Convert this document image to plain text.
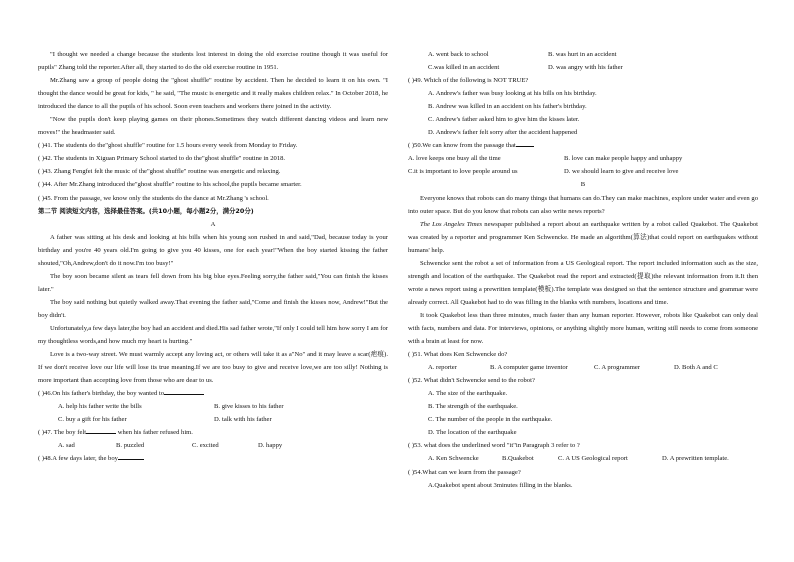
"I thought we needed a change because the students lost interest in doing the old exercise routine though it was useful for pupils" Zhang told the reporter.After all, they started to do the old exercise routine in 1951.

Mr.Zhang saw a group of people doing the "ghost shuffle" routine by accident. Then he decided to learn it on his own. "I thought the dance would be great for kids, " he said, "The music is energetic and it really makes children relax." In October 2018, he introduced the dance to all the pupils of his school. Soon even teachers and workers there joined in the activity.

"Now the pupils don't keep playing games on their phones.Sometimes they watch different dancing videos and learn new moves!" the headmaster said.

( )41. The students do the"ghost shuffle" routine for 1.5 hours every week from Monday to Friday.
( )42. The students in Xiguan Primary School started to do the"ghost shuffle" routine in 2018.
( )43. Zhang Fengfei felt the music of the"ghost shuffle" routine was energetic and relaxing.
( )44. After Mr.Zhang introduced the"ghost shuffle" routine to his school,the pupils became smarter.
( )45. From the passage, we know only the students do the dance at Mr.Zhang 's school.
第二节 阅读短文内容，选择最佳答案。(共10小题，每小题2分，满分20分)
A

A father was sitting at his desk and looking at his bills when his young son rushed in and said,"Dad, because today is your birthday and you're 40 years old.I'm going to give you 40 kisses, one for each year!"When the boy started kissing the father shouted,"Oh,Andrew,don't do it now.I'm too busy!"

The boy soon became silent as tears fell down from his big blue eyes.Feeling sorry,the father said,"You can finish the kisses later."

The boy said nothing but quietly walked away.That evening the father said,"Come and finish the kisses now, Andrew!"But the boy didn't.

Unfortunately,a few days later,the boy had an accident and died.His sad father wrote,"If only I could tell him how sorry I am for my thoughtless words,and how much my heart is hurting."

Love is a two-way street. We must warmly accept any loving act, or others will take it as a"No" and it may leave a scar(疤痕). If we don't receive love our life will lose its true meaning.If we are too busy to give and receive love,we are too silly! Nothing is more important than accepting love from those who are dear to us.

( )46.On his father's birthday, the boy wanted to
A. help his father write the bills	B. give kisses to his father
C. buy a gift for his father	D. talk with his father
( )47. The boy felt	when his father refused him.
A. sad	B. puzzled	C. excited	D. happy
( )48.A few days later, the boy
A. went back to school	B. was hurt in an accident
C.was killed in an accident	D. was angry with his father
( )49. Which of the following is NOT TRUE?
A. Andrew's father was busy looking at his bills on his birthday.
B. Andrew was killed in an accident on his father's birthday.
C. Andrew's father asked him to give him the kisses later.
D. Andrew's father felt sorry after the accident happened
( )50.We can know from the passage that
A. love keeps one busy all the time	B. love can make people happy and unhappy
C.it is important to love people around us	D. we should learn to give and receive love
B

Everyone knows that robots can do many things that humans can do.They can make machines, explore under water and even go into outer space. But do you know that robots can also write news reports?

The Los Angeles Times newspaper published a report about an earthquake written by a robot called Quakebot. The Quakebot was created by a reporter and programmer Ken Schwencke. He made an algorithm(算法)that could report on earthquakes without humans' help.

Schwencke sent the robot a set of information from a US Geological report. The report included information such as the size, strength and location of the earthquake. The Quakebot read the report and extracted(提取)the relevant information from it.It then wrote a news report using a prewritten template(模板).The template was designed so that the sentence structure and grammar were already correct. All Quakebot had to do was filling in the blanks with numbers, locations and time.

It took Quakebot less than three minutes, much faster than any human reporter. However, robots like Quakebot can only deal with facts, numbers and data. For interviews, opinions, or anything slightly more human, writing still needs to come from someone with a brain at least for now.

( )51. What does Ken Schwencke do?
A. reporter	B. A computer game inventor	C. A programmer	D. Both A and C
( )52. What didn't Schwencke send to the robot?
A. The size of the earthquake.
B. The strength of the earthquake.
C. The number of the people in the earthquake.
D. The location of the earthquake
( )53. what does the underlined word "it"in Paragraph 3 refer to ?
A. Ken Schwencke	B.Quakebot	C. A US Geological report	D. A prewritten template.
( )54.What can we learn from the passage?
A.Quakebot spent about 3minutes filling in the blanks.
